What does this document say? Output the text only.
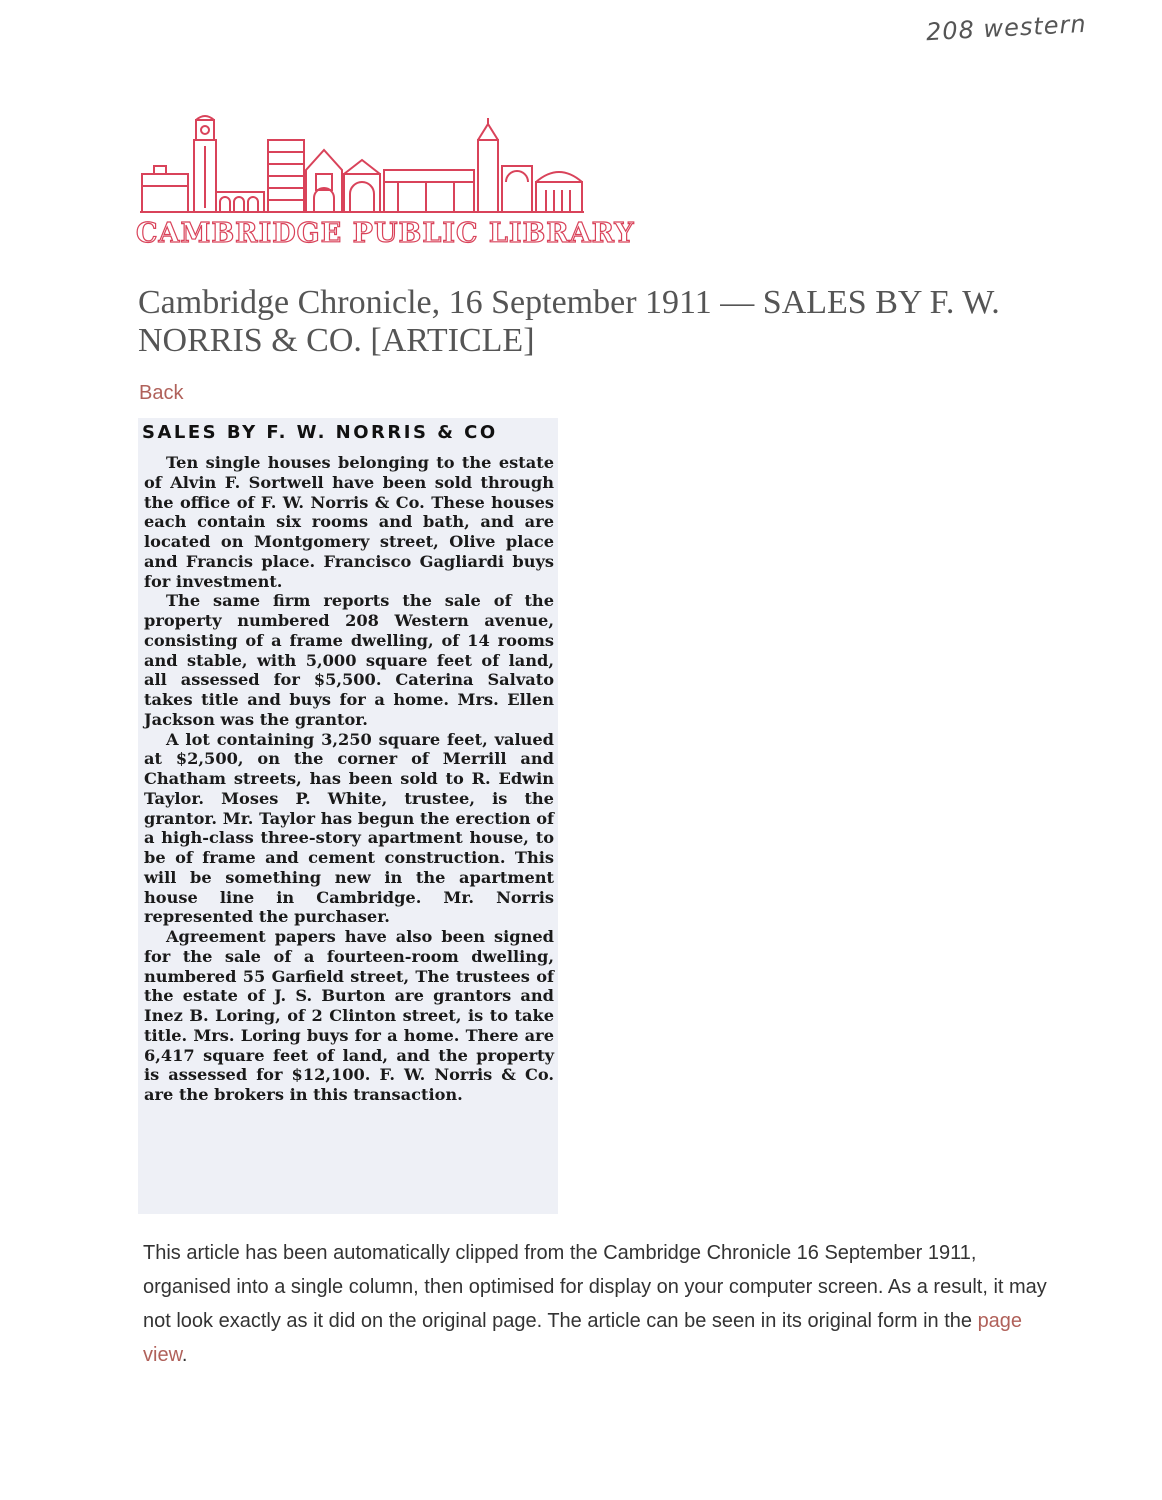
208 western
CAMBRIDGE PUBLIC LIBRARY
Cambridge Chronicle, 16 September 1911 — SALES BY F. W. NORRIS & CO. [ARTICLE]
Back
SALES BY F. W. NORRIS & CO

Ten single houses belonging to the estate of Alvin F. Sortwell have been sold through the office of F. W. Norris & Co. These houses each contain six rooms and bath, and are located on Montgomery street, Olive place and Francis place. Francisco Gagliardi buys for investment.

The same firm reports the sale of the property numbered 208 Western avenue, consisting of a frame dwelling, of 14 rooms and stable, with 5,000 square feet of land, all assessed for $5,500. Caterina Salvato takes title and buys for a home. Mrs. Ellen Jackson was the grantor.

A lot containing 3,250 square feet, valued at $2,500, on the corner of Merrill and Chatham streets, has been sold to R. Edwin Taylor. Moses P. White, trustee, is the grantor. Mr. Taylor has begun the erection of a high-class three-story apartment house, to be of frame and cement construction. This will be something new in the apartment house line in Cambridge. Mr. Norris represented the purchaser.

Agreement papers have also been signed for the sale of a fourteen-room dwelling, numbered 55 Garfield street, The trustees of the estate of J. S. Burton are grantors and Inez B. Loring, of 2 Clinton street, is to take title. Mrs. Loring buys for a home. There are 6,417 square feet of land, and the property is assessed for $12,100. F. W. Norris & Co. are the brokers in this transaction.

This article has been automatically clipped from the Cambridge Chronicle 16 September 1911, organised into a single column, then optimised for display on your computer screen. As a result, it may not look exactly as it did on the original page. The article can be seen in its original form in the page view.
